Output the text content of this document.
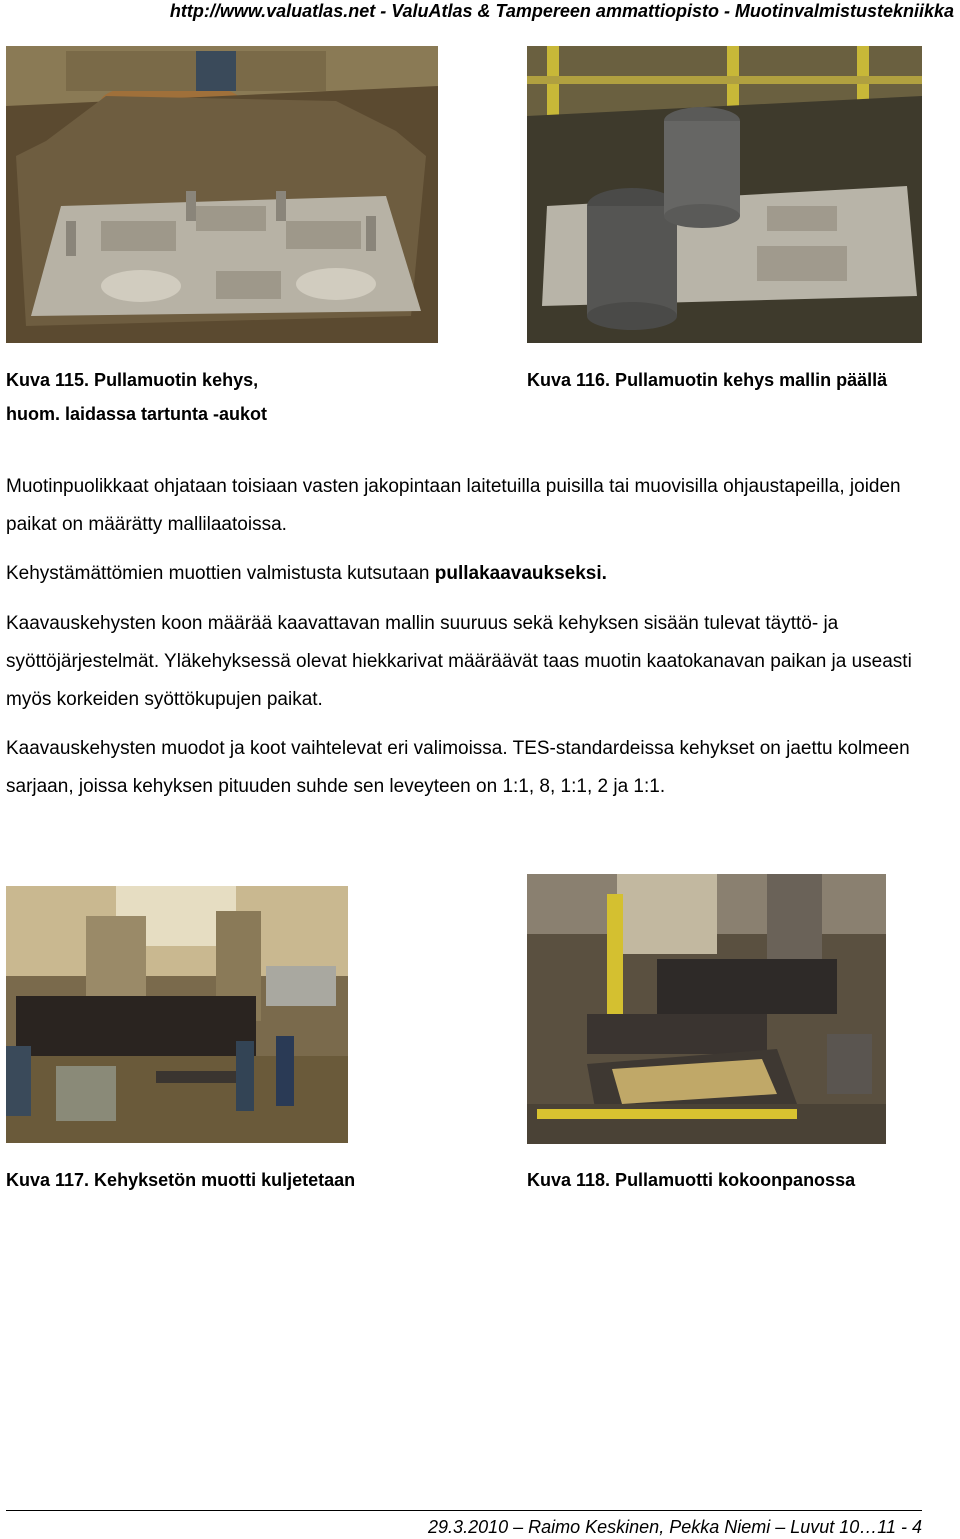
http://www.valuatlas.net - ValuAtlas & Tampereen ammattiopisto - Muotinvalmistustekniikka
Kuva 115. Pullamuotin kehys,
huom. laidassa tartunta -aukot
Kuva 116. Pullamuotin kehys mallin päällä

Muotinpuolikkaat ohjataan toisiaan vasten jakopintaan laitetuilla puisilla tai muovisilla ohjaustapeilla, joiden paikat on määrätty mallilaatoissa.

Kehystämättömien muottien valmistusta kutsutaan pullakaavaukseksi.

Kaavauskehysten koon määrää kaavattavan mallin suuruus sekä kehyksen sisään tulevat täyttö- ja syöttöjärjestelmät. Yläkehyksessä olevat hiekkarivat määräävät taas muotin kaatokanavan paikan ja useasti myös korkeiden syöttökupujen paikat.

Kaavauskehysten muodot ja koot vaihtelevat eri valimoissa. TES-standardeissa kehykset on jaettu kolmeen sarjaan, joissa kehyksen pituuden suhde sen leveyteen on 1:1, 8, 1:1, 2 ja 1:1.

Kuva 117. Kehyksetön muotti kuljetetaan	Kuva 118. Pullamuotti kokoonpanossa
29.3.2010 – Raimo Keskinen, Pekka Niemi – Luvut 10…11 - 4
